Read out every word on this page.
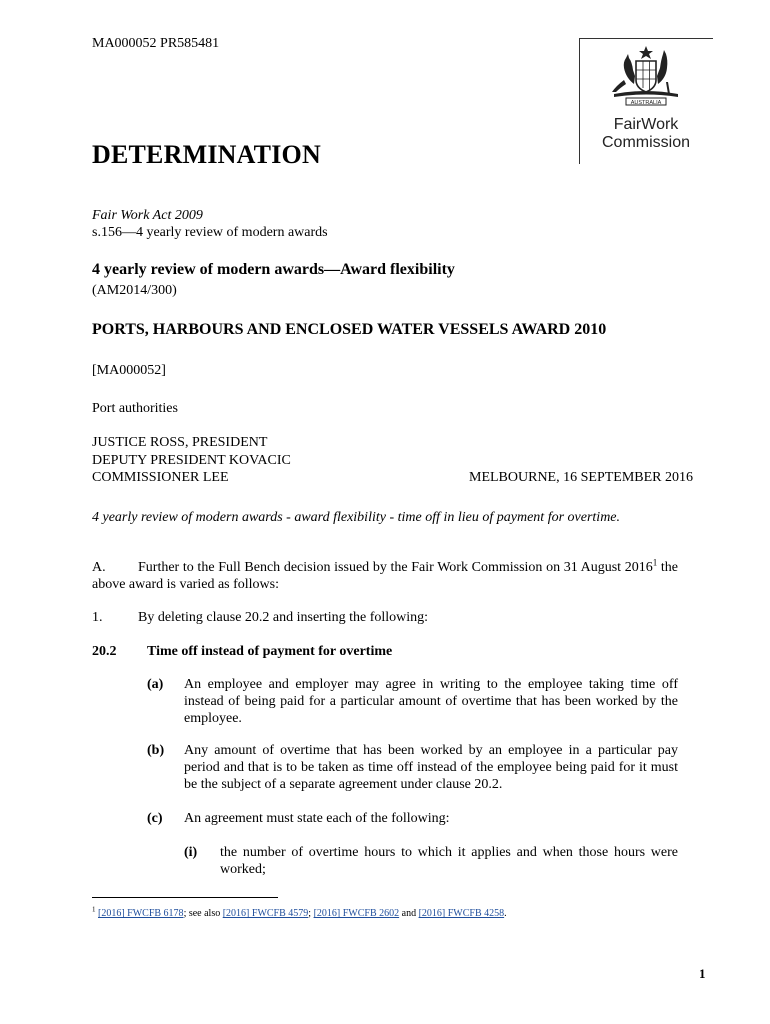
MA000052 PR585481
AUSTRALIA
FairWork
Commission
DETERMINATION
Fair Work Act 2009
s.156—4 yearly review of modern awards
4 yearly review of modern awards—Award flexibility
(AM2014/300)
PORTS, HARBOURS AND ENCLOSED WATER VESSELS AWARD 2010
[MA000052]
Port authorities
JUSTICE ROSS, PRESIDENT
DEPUTY PRESIDENT KOVACIC
COMMISSIONER LEE	MELBOURNE, 16 SEPTEMBER 2016
4 yearly review of modern awards - award flexibility - time off in lieu of payment for overtime.
A.	Further to the Full Bench decision issued by the Fair Work Commission on 31 August 2016$^1$ the above award is varied as follows:
1.	By deleting clause 20.2 and inserting the following:
20.2 Time off instead of payment for overtime
(a) An employee and employer may agree in writing to the employee taking time off instead of being paid for a particular amount of overtime that has been worked by the employee.
(b) Any amount of overtime that has been worked by an employee in a particular pay period and that is to be taken as time off instead of the employee being paid for it must be the subject of a separate agreement under clause 20.2.
(c) An agreement must state each of the following:
(i) the number of overtime hours to which it applies and when those hours were worked;
$^1$ [2016] FWCFB 6178; see also [2016] FWCFB 4579; [2016] FWCFB 2602 and [2016] FWCFB 4258.
1
